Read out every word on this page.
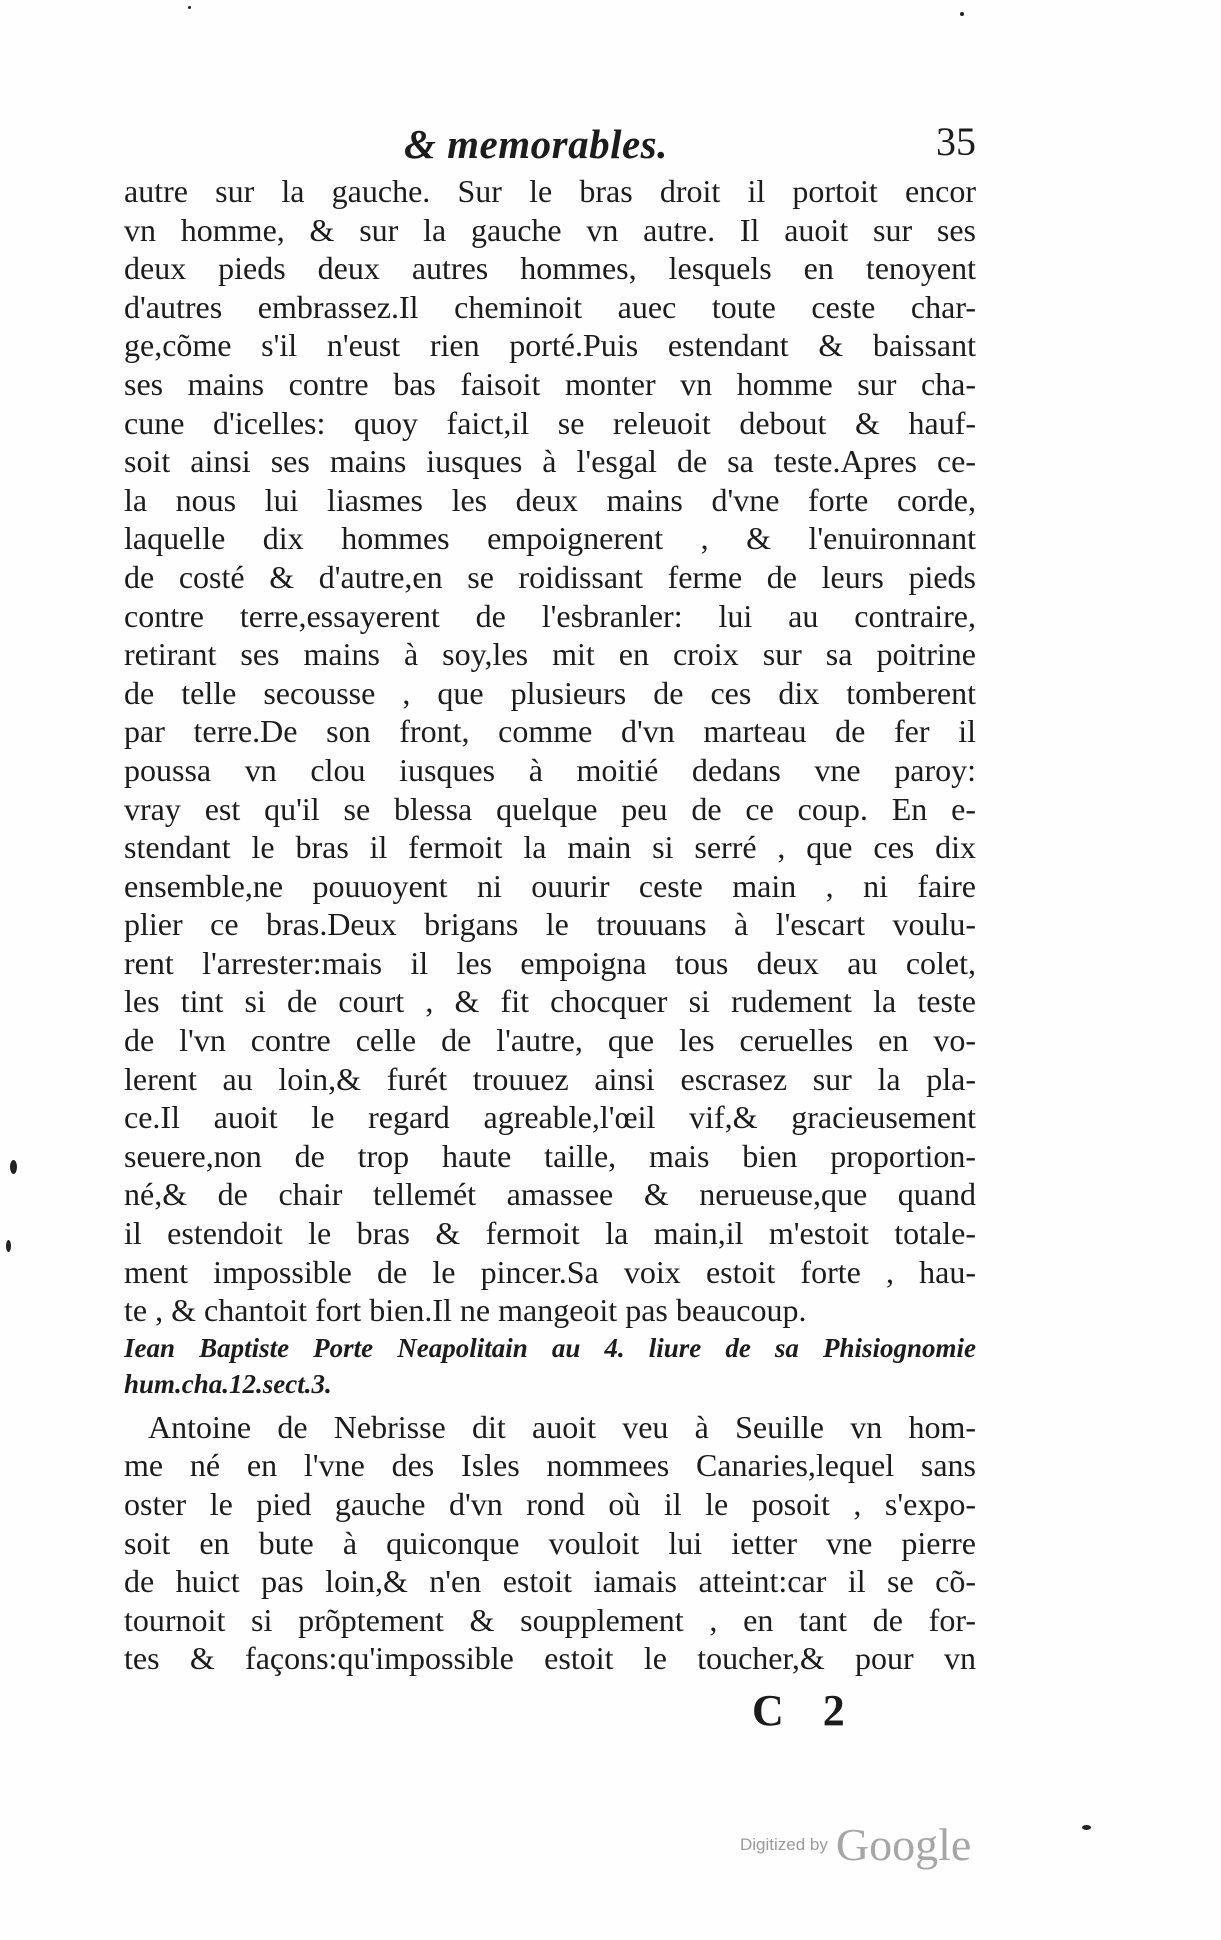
& memorables.	35
autre sur la gauche. Sur le bras droit il portoit encor
vn homme, & sur la gauche vn autre. Il auoit sur ses
deux pieds deux autres hommes, lesquels en tenoyent
d'autres embrassez.Il cheminoit auec toute ceste char-
ge,cõme s'il n'eust rien porté.Puis estendant & baissant
ses mains contre bas faisoit monter vn homme sur cha-
cune d'icelles: quoy faict,il se releuoit debout & hauf-
soit ainsi ses mains iusques à l'esgal de sa teste.Apres ce-
la nous lui liasmes les deux mains d'vne forte corde,
laquelle dix hommes empoignerent , & l'enuironnant
de costé & d'autre,en se roidissant ferme de leurs pieds
contre terre,essayerent de l'esbranler: lui au contraire,
retirant ses mains à soy,les mit en croix sur sa poitrine
de telle secousse , que plusieurs de ces dix tomberent
par terre.De son front, comme d'vn marteau de fer il
poussa vn clou iusques à moitié dedans vne paroy:
vray est qu'il se blessa quelque peu de ce coup. En e-
stendant le bras il fermoit la main si serré , que ces dix
ensemble,ne pouuoyent ni ouurir ceste main , ni faire
plier ce bras.Deux brigans le trouuans à l'escart voulu-
rent l'arrester:mais il les empoigna tous deux au colet,
les tint si de court , & fit chocquer si rudement la teste
de l'vn contre celle de l'autre, que les ceruelles en vo-
lerent au loin,& furét trouuez ainsi escrasez sur la pla-
ce.Il auoit le regard agreable,l'œil vif,& gracieusement
seuere,non de trop haute taille, mais bien proportion-
né,& de chair tellemét amassee & nerueuse,que quand
il estendoit le bras & fermoit la main,il m'estoit totale-
ment impossible de le pincer.Sa voix estoit forte , hau-
te , & chantoit fort bien.Il ne mangeoit pas beaucoup.
Iean Baptiste Porte Neapolitain au 4. liure de sa Phisiognomie
hum.cha.12.sect.3.
Antoine de Nebrisse dit auoit veu à Seuille vn hom-
me né en l'vne des Isles nommees Canaries,lequel sans
oster le pied gauche d'vn rond où il le posoit , s'expo-
soit en bute à quiconque vouloit lui ietter vne pierre
de huict pas loin,& n'en estoit iamais atteint:car il se cõ-
tournoit si prõptement & soupplement , en tant de for-
tes & façons:qu'impossible estoit le toucher,& pour vn
C 2
Digitized by Google
